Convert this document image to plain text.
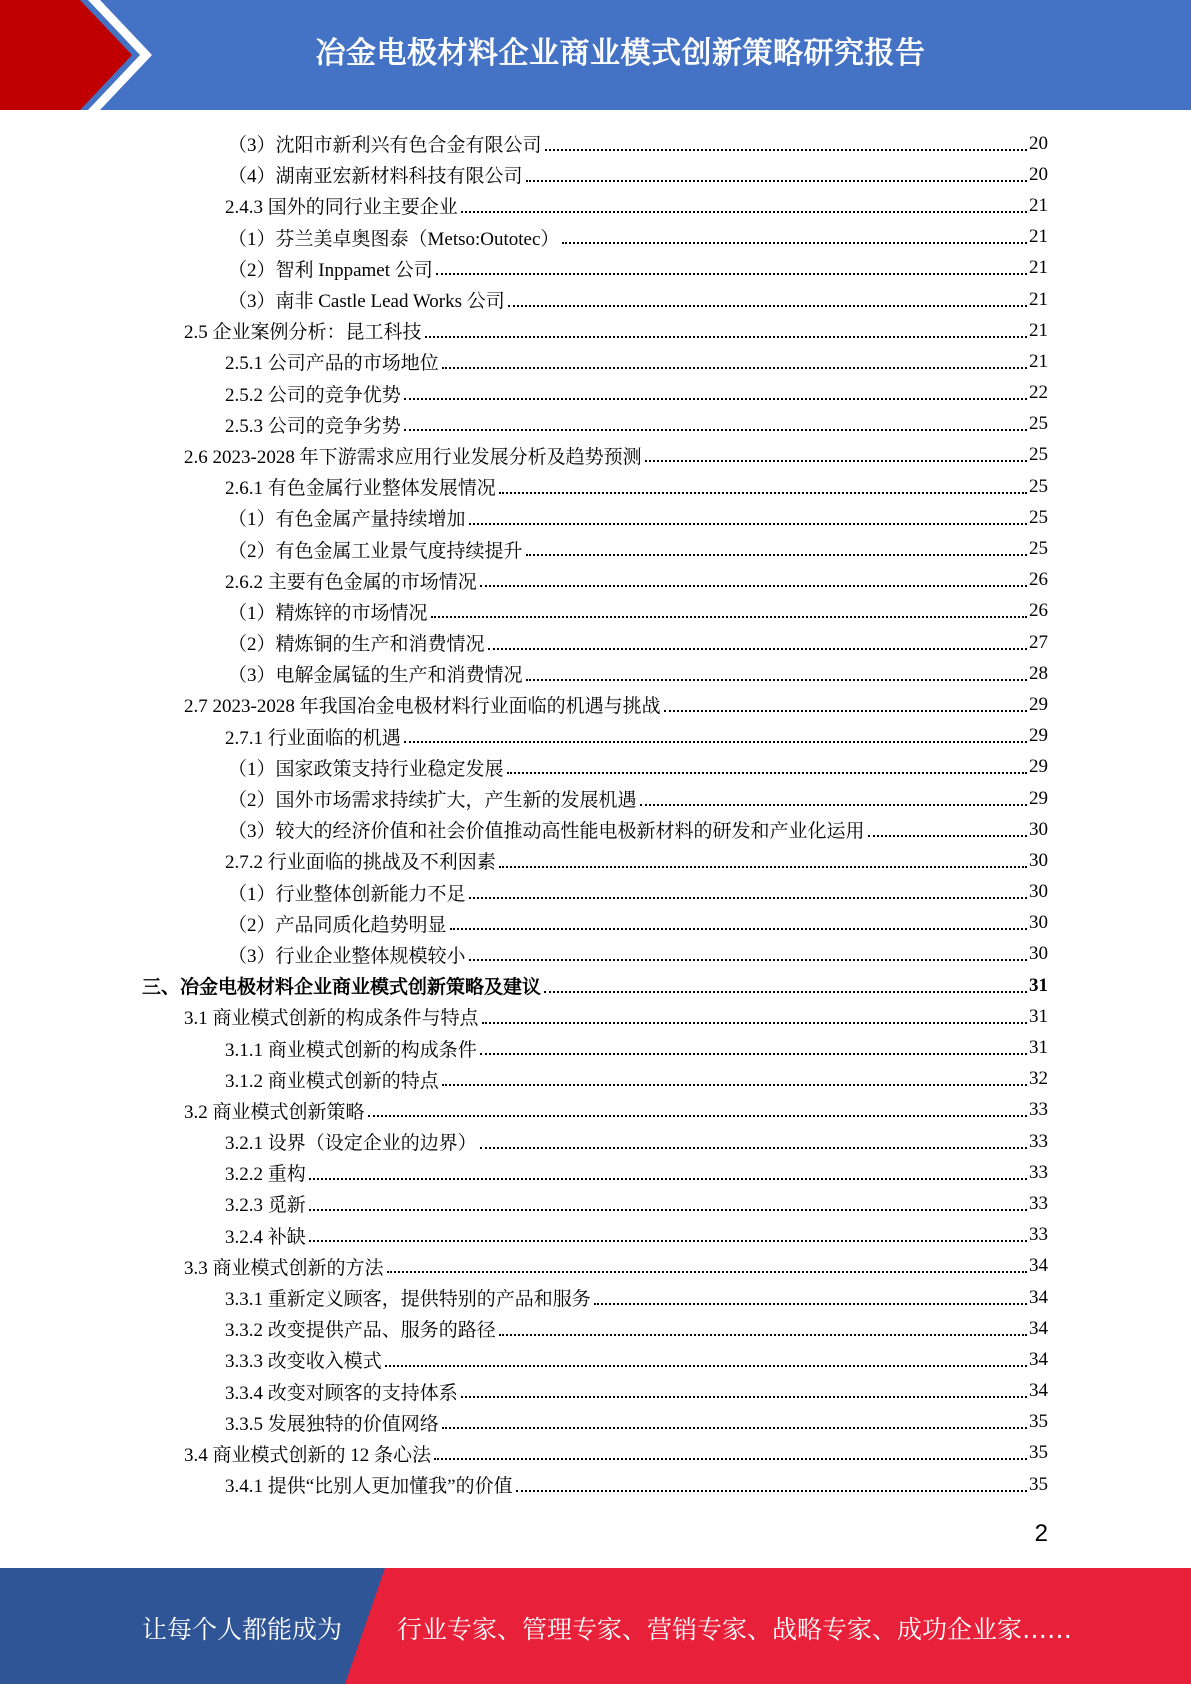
冶金电极材料企业商业模式创新策略研究报告
（3）沈阳市新利兴有色合金有限公司	20
（4）湖南亚宏新材料科技有限公司	20
2.4.3 国外的同行业主要企业	21
（1）芬兰美卓奥图泰（Metso:Outotec）	21
（2）智利 Inppamet 公司	21
（3）南非 Castle Lead Works 公司	21
2.5 企业案例分析：昆工科技	21
2.5.1 公司产品的市场地位	21
2.5.2 公司的竞争优势	22
2.5.3 公司的竞争劣势	25
2.6 2023-2028 年下游需求应用行业发展分析及趋势预测	25
2.6.1 有色金属行业整体发展情况	25
（1）有色金属产量持续增加	25
（2）有色金属工业景气度持续提升	25
2.6.2 主要有色金属的市场情况	26
（1）精炼锌的市场情况	26
（2）精炼铜的生产和消费情况	27
（3）电解金属锰的生产和消费情况	28
2.7 2023-2028 年我国冶金电极材料行业面临的机遇与挑战	29
2.7.1 行业面临的机遇	29
（1）国家政策支持行业稳定发展	29
（2）国外市场需求持续扩大，产生新的发展机遇	29
（3）较大的经济价值和社会价值推动高性能电极新材料的研发和产业化运用	30
2.7.2 行业面临的挑战及不利因素	30
（1）行业整体创新能力不足	30
（2）产品同质化趋势明显	30
（3）行业企业整体规模较小	30
三、冶金电极材料企业商业模式创新策略及建议	31
3.1 商业模式创新的构成条件与特点	31
3.1.1 商业模式创新的构成条件	31
3.1.2 商业模式创新的特点	32
3.2 商业模式创新策略	33
3.2.1 设界（设定企业的边界）	33
3.2.2 重构	33
3.2.3 觅新	33
3.2.4 补缺	33
3.3 商业模式创新的方法	34
3.3.1 重新定义顾客，提供特别的产品和服务	34
3.3.2 改变提供产品、服务的路径	34
3.3.3 改变收入模式	34
3.3.4 改变对顾客的支持体系	34
3.3.5 发展独特的价值网络	35
3.4 商业模式创新的 12 条心法	35
3.4.1 提供“比别人更加懂我”的价值	35
2
让每个人都能成为 行业专家、管理专家、营销专家、战略专家、成功企业家……
